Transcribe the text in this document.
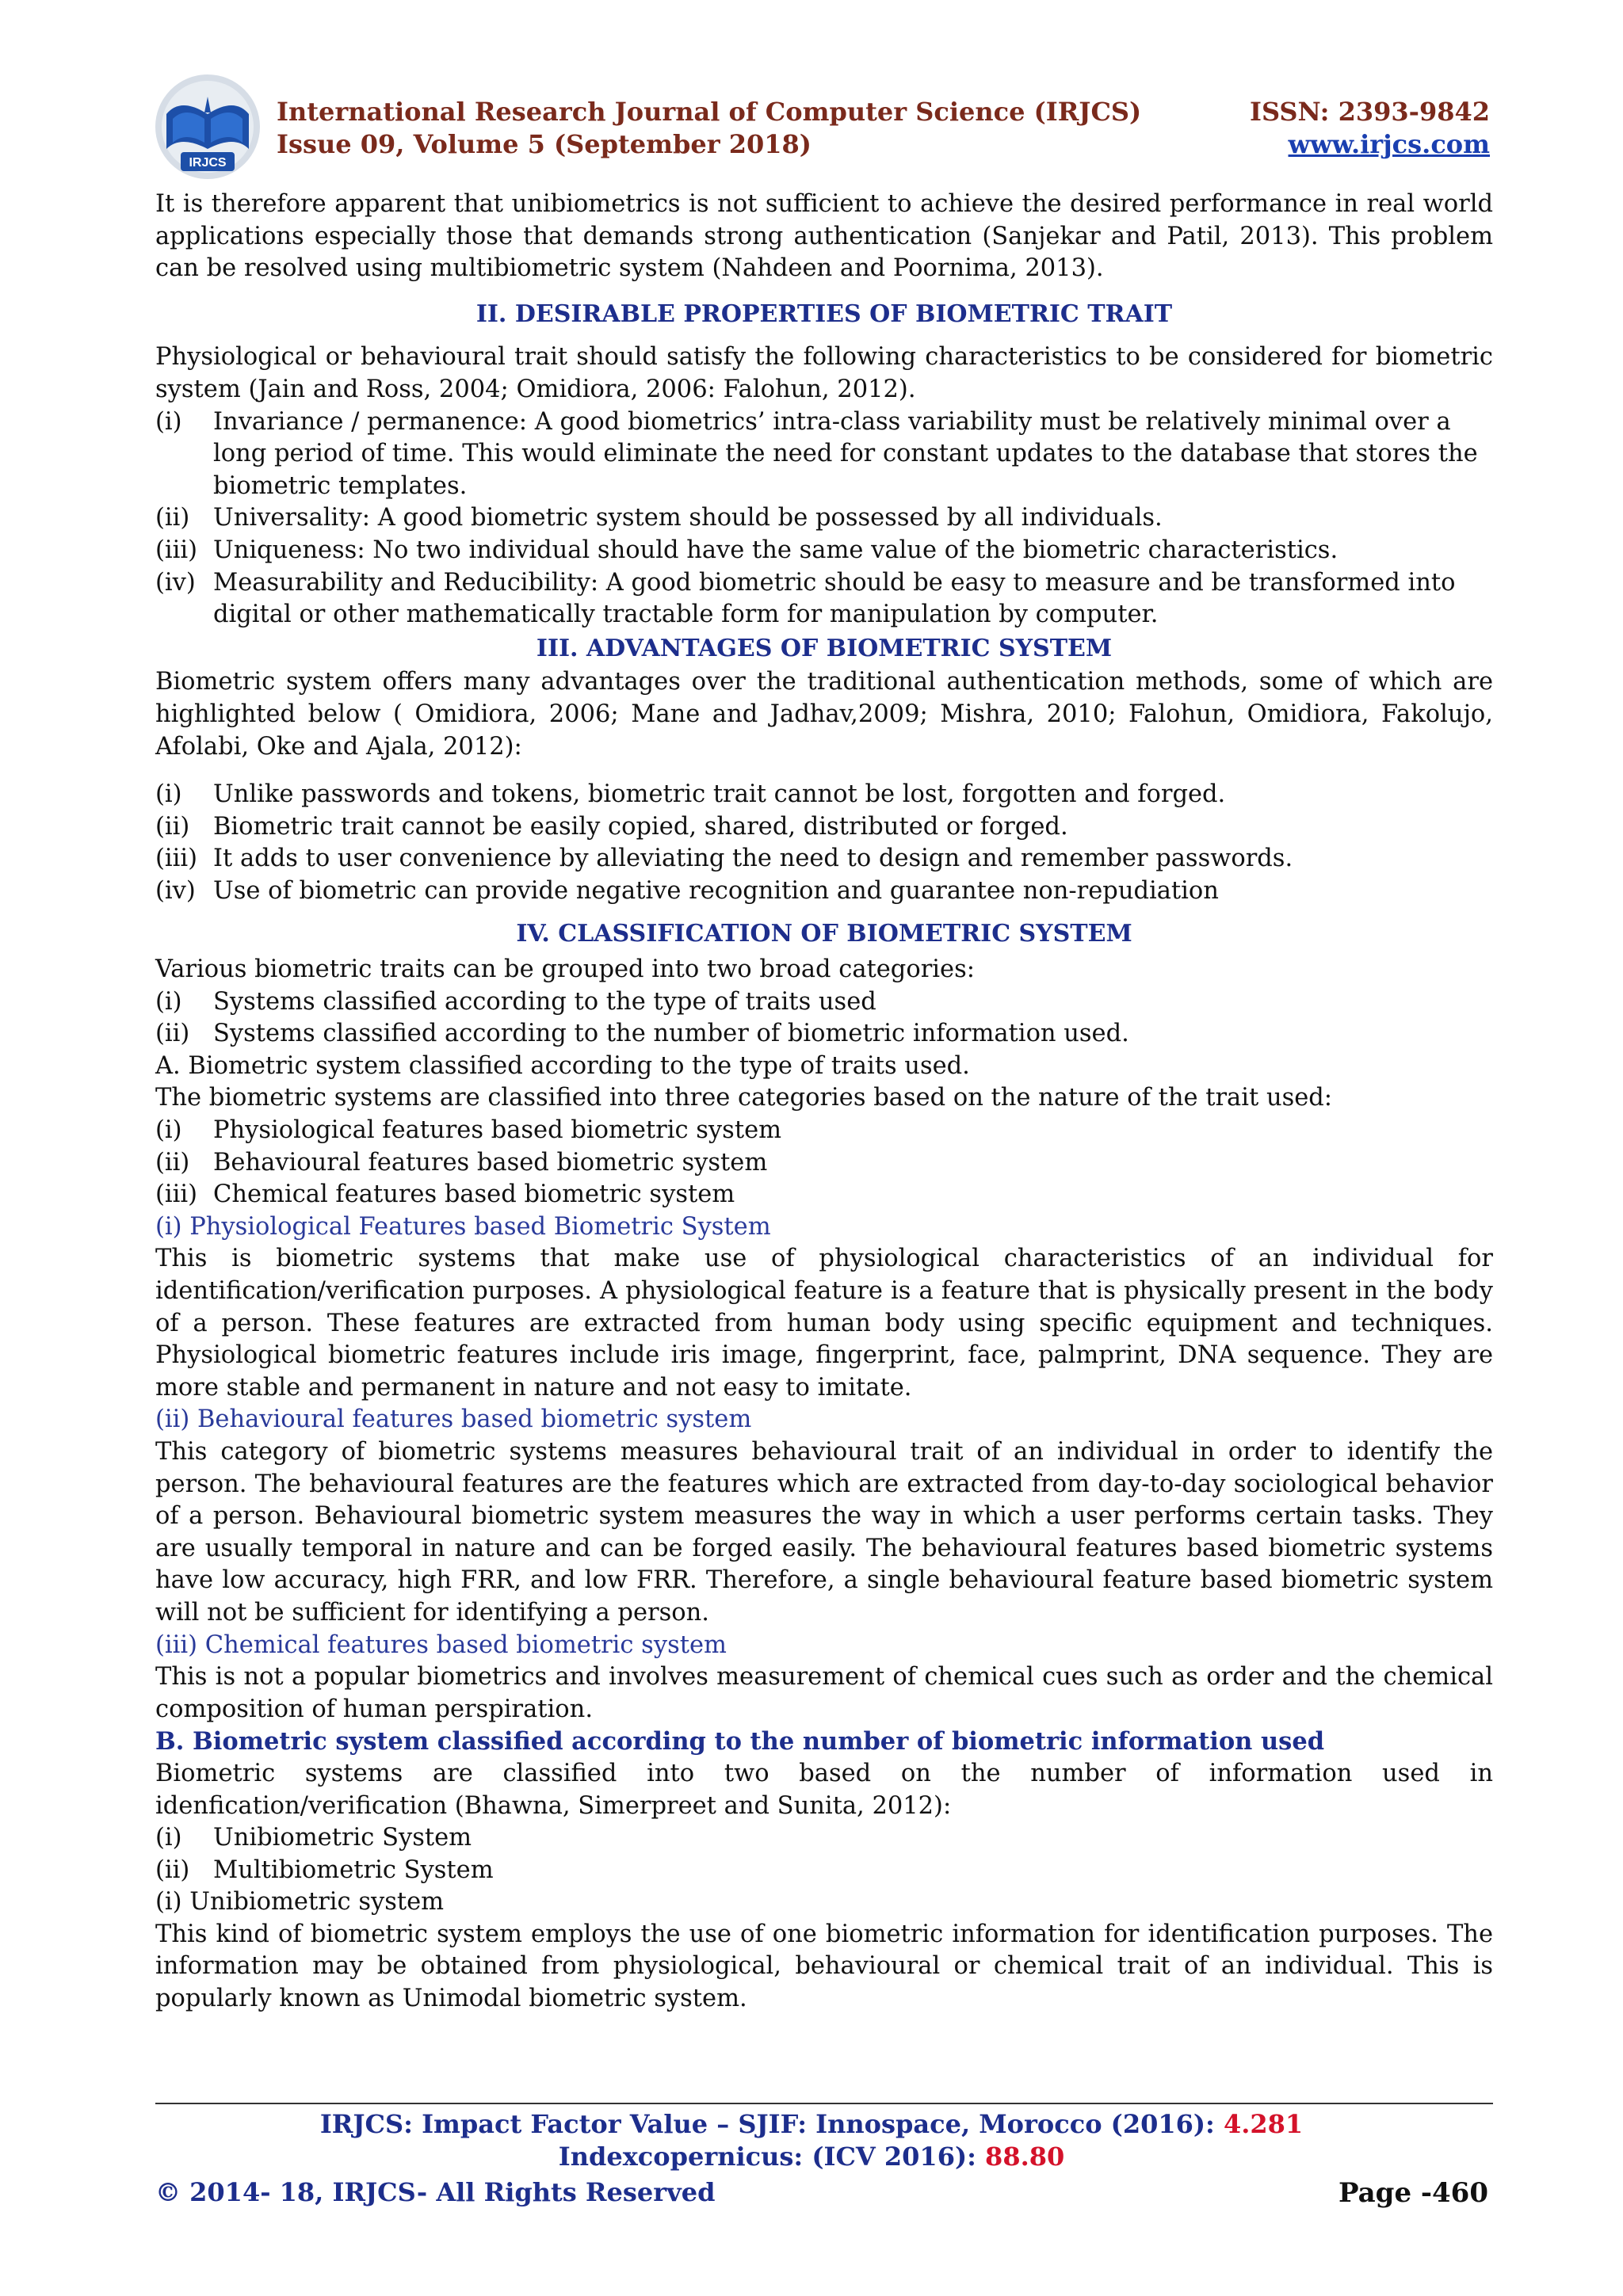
IRJCS
International Research Journal of Computer Science (IRJCS)
Issue 09, Volume 5 (September 2018)
ISSN: 2393-9842
www.irjcs.com

It is therefore apparent that unibiometrics is not sufficient to achieve the desired performance in real world applications especially those that demands strong authentication (Sanjekar and Patil, 2013). This problem can be resolved using multibiometric system (Nahdeen and Poornima, 2013).

II. DESIRABLE PROPERTIES OF BIOMETRIC TRAIT

Physiological or behavioural trait should satisfy the following characteristics to be considered for biometric system (Jain and Ross, 2004; Omidiora, 2006: Falohun, 2012).

(i)	Invariance / permanence: A good biometrics’ intra-class variability must be relatively minimal over a long period of time. This would eliminate the need for constant updates to the database that stores the biometric templates.
(ii) Universality: A good biometric system should be possessed by all individuals.
(iii) Uniqueness: No two individual should have the same value of the biometric characteristics.
(iv) Measurability and Reducibility: A good biometric should be easy to measure and be transformed into digital or other mathematically tractable form for manipulation by computer.

III. ADVANTAGES OF BIOMETRIC SYSTEM

Biometric system offers many advantages over the traditional authentication methods, some of which are highlighted below ( Omidiora, 2006; Mane and Jadhav,2009; Mishra, 2010; Falohun, Omidiora, Fakolujo, Afolabi, Oke and Ajala, 2012):

(i)	Unlike passwords and tokens, biometric trait cannot be lost, forgotten and forged.
(ii) Biometric trait cannot be easily copied, shared, distributed or forged.
(iii) It adds to user convenience by alleviating the need to design and remember passwords.
(iv) Use of biometric can provide negative recognition and guarantee non-repudiation

IV. CLASSIFICATION OF BIOMETRIC SYSTEM

Various biometric traits can be grouped into two broad categories:

(i)	Systems classified according to the type of traits used
(ii) Systems classified according to the number of biometric information used.

A. Biometric system classified according to the type of traits used.

The biometric systems are classified into three categories based on the nature of the trait used:

(i)	Physiological features based biometric system
(ii) Behavioural features based biometric system
(iii) Chemical features based biometric system

(i) Physiological Features based Biometric System

This is biometric systems that make use of physiological characteristics of an individual for identification/verification purposes. A physiological feature is a feature that is physically present in the body of a person. These features are extracted from human body using specific equipment and techniques. Physiological biometric features include iris image, fingerprint, face, palmprint, DNA sequence. They are more stable and permanent in nature and not easy to imitate.

(ii) Behavioural features based biometric system

This category of biometric systems measures behavioural trait of an individual in order to identify the person. The behavioural features are the features which are extracted from day-to-day sociological behavior of a person. Behavioural biometric system measures the way in which a user performs certain tasks. They are usually temporal in nature and can be forged easily. The behavioural features based biometric systems have low accuracy, high FRR, and low FRR. Therefore, a single behavioural feature based biometric system will not be sufficient for identifying a person.

(iii) Chemical features based biometric system

This is not a popular biometrics and involves measurement of chemical cues such as order and the chemical composition of human perspiration.

B. Biometric system classified according to the number of biometric information used

Biometric systems are classified into two based on the number of information used in idenfication/verification (Bhawna, Simerpreet and Sunita, 2012):

(i)	Unibiometric System
(ii) Multibiometric System

(i) Unibiometric system

This kind of biometric system employs the use of one biometric information for identification purposes. The information may be obtained from physiological, behavioural or chemical trait of an individual. This is popularly known as Unimodal biometric system.

IRJCS: Impact Factor Value – SJIF: Innospace, Morocco (2016): 4.281
Indexcopernicus: (ICV 2016): 88.80
© 2014- 18, IRJCS- All Rights Reserved	Page -460
